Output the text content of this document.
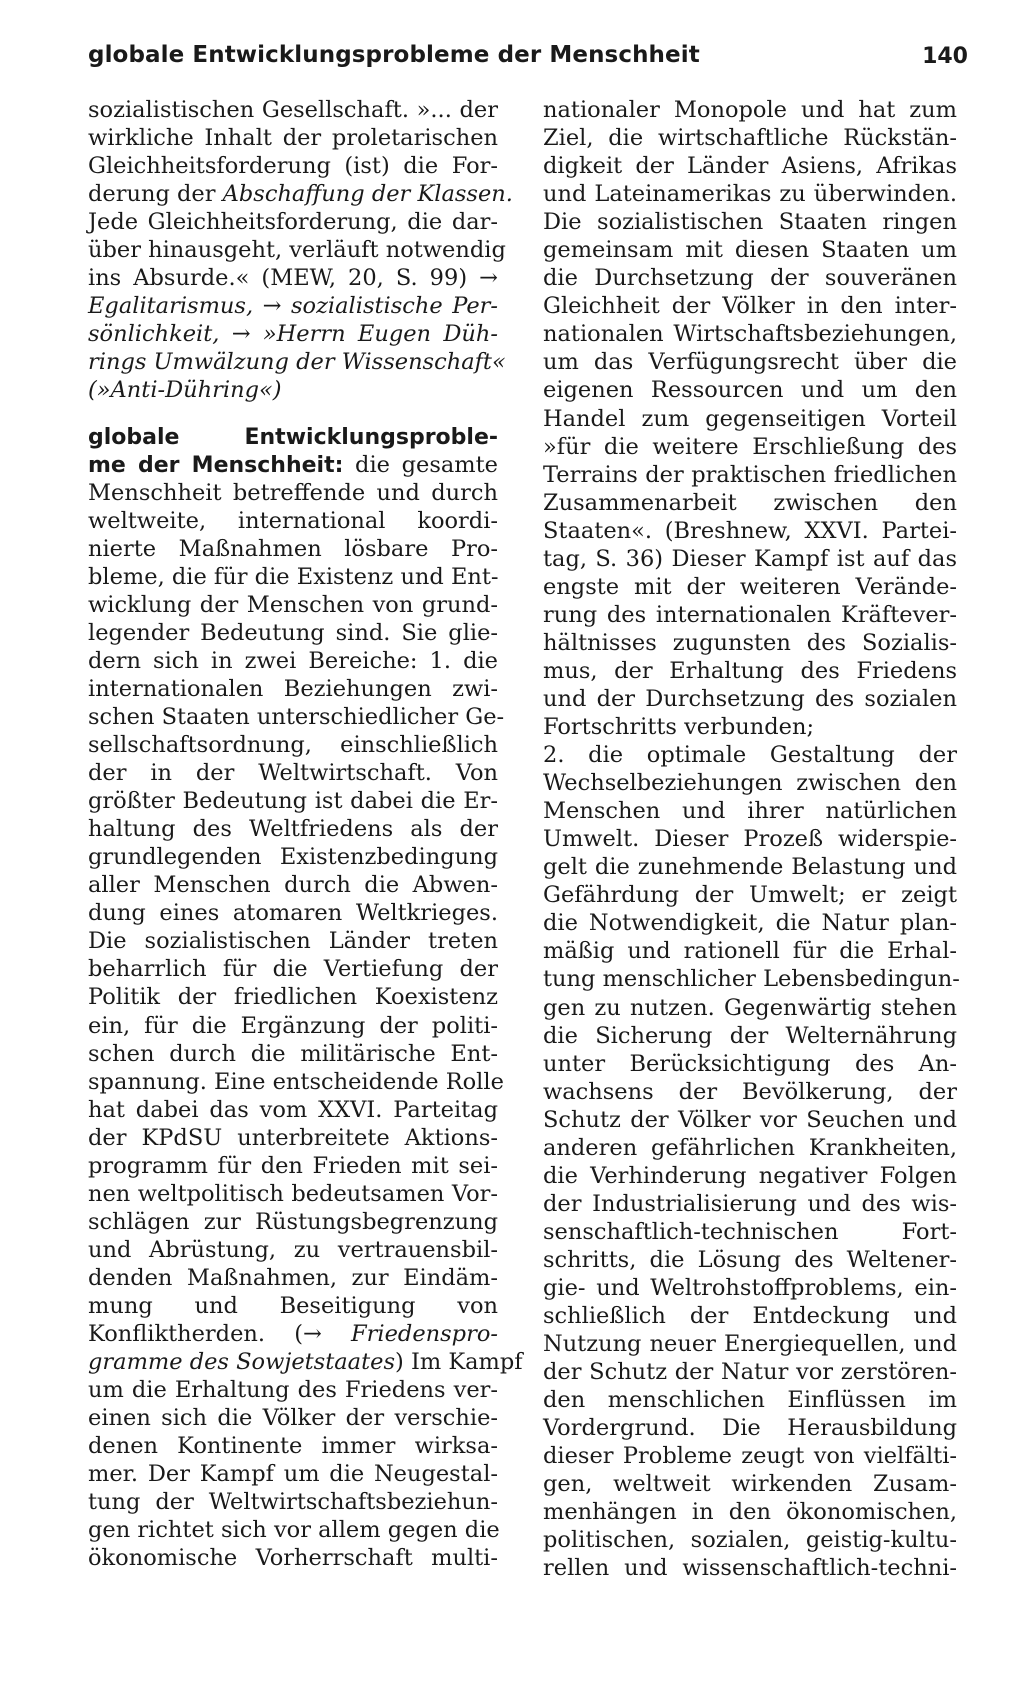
globale Entwicklungsprobleme der Menschheit	140
sozialistischen Gesellschaft. »... der
wirkliche Inhalt der proletarischen
Gleichheitsforderung (ist) die For-
derung der Abschaffung der Klassen.
Jede Gleichheitsforderung, die dar-
über hinausgeht, verläuft notwendig
ins Absurde.« (MEW, 20, S. 99) →
Egalitarismus, → sozialistische Per-
sönlichkeit, → »Herrn Eugen Düh-
rings Umwälzung der Wissenschaft«
(»Anti-Dühring«)
globale Entwicklungsproble-
me der Menschheit: die gesamte
Menschheit betreffende und durch
weltweite, international koordi-
nierte Maßnahmen lösbare Pro-
bleme, die für die Existenz und Ent-
wicklung der Menschen von grund-
legender Bedeutung sind. Sie glie-
dern sich in zwei Bereiche: 1. die
internationalen Beziehungen zwi-
schen Staaten unterschiedlicher Ge-
sellschaftsordnung, einschließlich
der in der Weltwirtschaft. Von
größter Bedeutung ist dabei die Er-
haltung des Weltfriedens als der
grundlegenden Existenzbedingung
aller Menschen durch die Abwen-
dung eines atomaren Weltkrieges.
Die sozialistischen Länder treten
beharrlich für die Vertiefung der
Politik der friedlichen Koexistenz
ein, für die Ergänzung der politi-
schen durch die militärische Ent-
spannung. Eine entscheidende Rolle
hat dabei das vom XXVI. Parteitag
der KPdSU unterbreitete Aktions-
programm für den Frieden mit sei-
nen weltpolitisch bedeutsamen Vor-
schlägen zur Rüstungsbegrenzung
und Abrüstung, zu vertrauensbil-
denden Maßnahmen, zur Eindäm-
mung und Beseitigung von
Konfliktherden. (→ Friedenspro-
gramme des Sowjetstaates) Im Kampf
um die Erhaltung des Friedens ver-
einen sich die Völker der verschie-
denen Kontinente immer wirksa-
mer. Der Kampf um die Neugestal-
tung der Weltwirtschaftsbeziehun-
gen richtet sich vor allem gegen die
ökonomische Vorherrschaft multi-
nationaler Monopole und hat zum
Ziel, die wirtschaftliche Rückstän-
digkeit der Länder Asiens, Afrikas
und Lateinamerikas zu überwinden.
Die sozialistischen Staaten ringen
gemeinsam mit diesen Staaten um
die Durchsetzung der souveränen
Gleichheit der Völker in den inter-
nationalen Wirtschaftsbeziehungen,
um das Verfügungsrecht über die
eigenen Ressourcen und um den
Handel zum gegenseitigen Vorteil
»für die weitere Erschließung des
Terrains der praktischen friedlichen
Zusammenarbeit zwischen den
Staaten«. (Breshnew, XXVI. Partei-
tag, S. 36) Dieser Kampf ist auf das
engste mit der weiteren Verände-
rung des internationalen Kräftever-
hältnisses zugunsten des Sozialis-
mus, der Erhaltung des Friedens
und der Durchsetzung des sozialen
Fortschritts verbunden;
2. die optimale Gestaltung der
Wechselbeziehungen zwischen den
Menschen und ihrer natürlichen
Umwelt. Dieser Prozeß widerspie-
gelt die zunehmende Belastung und
Gefährdung der Umwelt; er zeigt
die Notwendigkeit, die Natur plan-
mäßig und rationell für die Erhal-
tung menschlicher Lebensbedingun-
gen zu nutzen. Gegenwärtig stehen
die Sicherung der Welternährung
unter Berücksichtigung des An-
wachsens der Bevölkerung, der
Schutz der Völker vor Seuchen und
anderen gefährlichen Krankheiten,
die Verhinderung negativer Folgen
der Industrialisierung und des wis-
senschaftlich-technischen Fort-
schritts, die Lösung des Weltener-
gie- und Weltrohstoffproblems, ein-
schließlich der Entdeckung und
Nutzung neuer Energiequellen, und
der Schutz der Natur vor zerstören-
den menschlichen Einflüssen im
Vordergrund. Die Herausbildung
dieser Probleme zeugt von vielfälti-
gen, weltweit wirkenden Zusam-
menhängen in den ökonomischen,
politischen, sozialen, geistig-kultu-
rellen und wissenschaftlich-techni-
